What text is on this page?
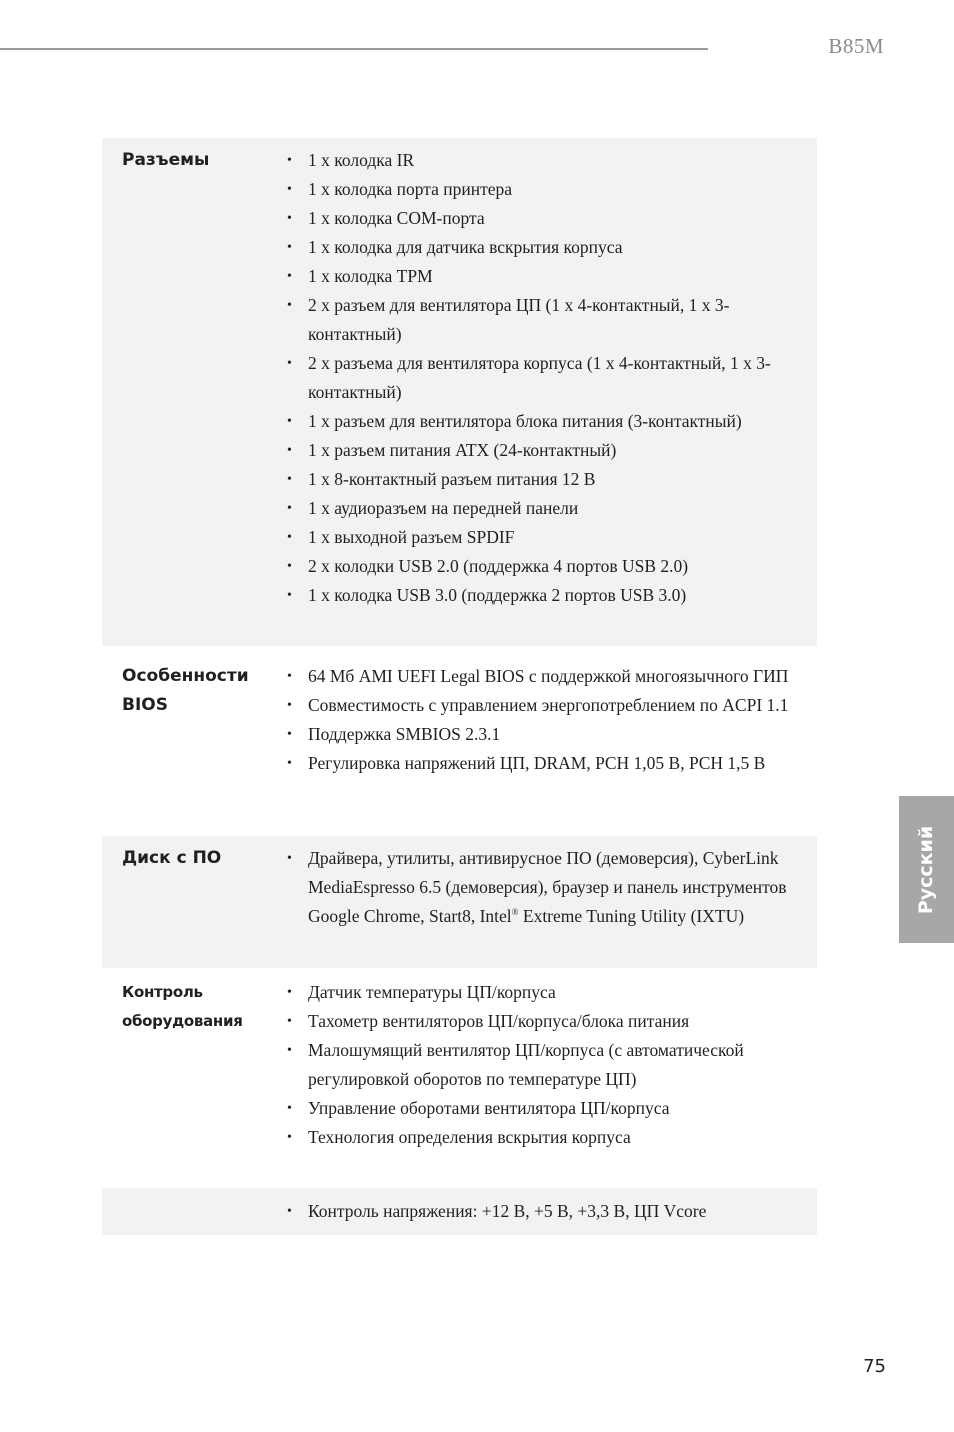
B85M
Разъемы	• 1 x колодка IR
• 1 x колодка порта принтера
• 1 x колодка COM-порта
• 1 x колодка для датчика вскрытия корпуса
• 1 x колодка TPM
• 2 x разъем для вентилятора ЦП (1 x 4-контактный, 1 x 3-контактный)
• 2 x разъема для вентилятора корпуса (1 x 4-контактный, 1 x 3-контактный)
• 1 x разъем для вентилятора блока питания (3-контактный)
• 1 x разъем питания ATX (24-контактный)
• 1 x 8-контактный разъем питания 12 В
• 1 x аудиоразъем на передней панели
• 1 x выходной разъем SPDIF
• 2 x колодки USB 2.0 (поддержка 4 портов USB 2.0)
• 1 x колодка USB 3.0 (поддержка 2 портов USB 3.0)
Особенности
BIOS
• 64 Мб AMI UEFI Legal BIOS с поддержкой многоязычного ГИП
• Совместимость с управлением энергопотреблением по ACPI 1.1
• Поддержка SMBIOS 2.3.1
• Регулировка напряжений ЦП, DRAM, PCH 1,05 В, PCH 1,5 В
Диск с ПО	• Драйвера, утилиты, антивирусное ПО (демоверсия), CyberLink MediaEspresso 6.5 (демоверсия), браузер и панель инструментов Google Chrome, Start8, Intel® Extreme Tuning Utility (IXTU)
Контроль
оборудования
• Датчик температуры ЦП/корпуса
• Тахометр вентиляторов ЦП/корпуса/блока питания
• Малошумящий вентилятор ЦП/корпуса (с автоматической регулировкой оборотов по температуре ЦП)
• Управление оборотами вентилятора ЦП/корпуса
• Технология определения вскрытия корпуса
• Контроль напряжения: +12 В, +5 В, +3,3 В, ЦП Vcore
Русский
75
